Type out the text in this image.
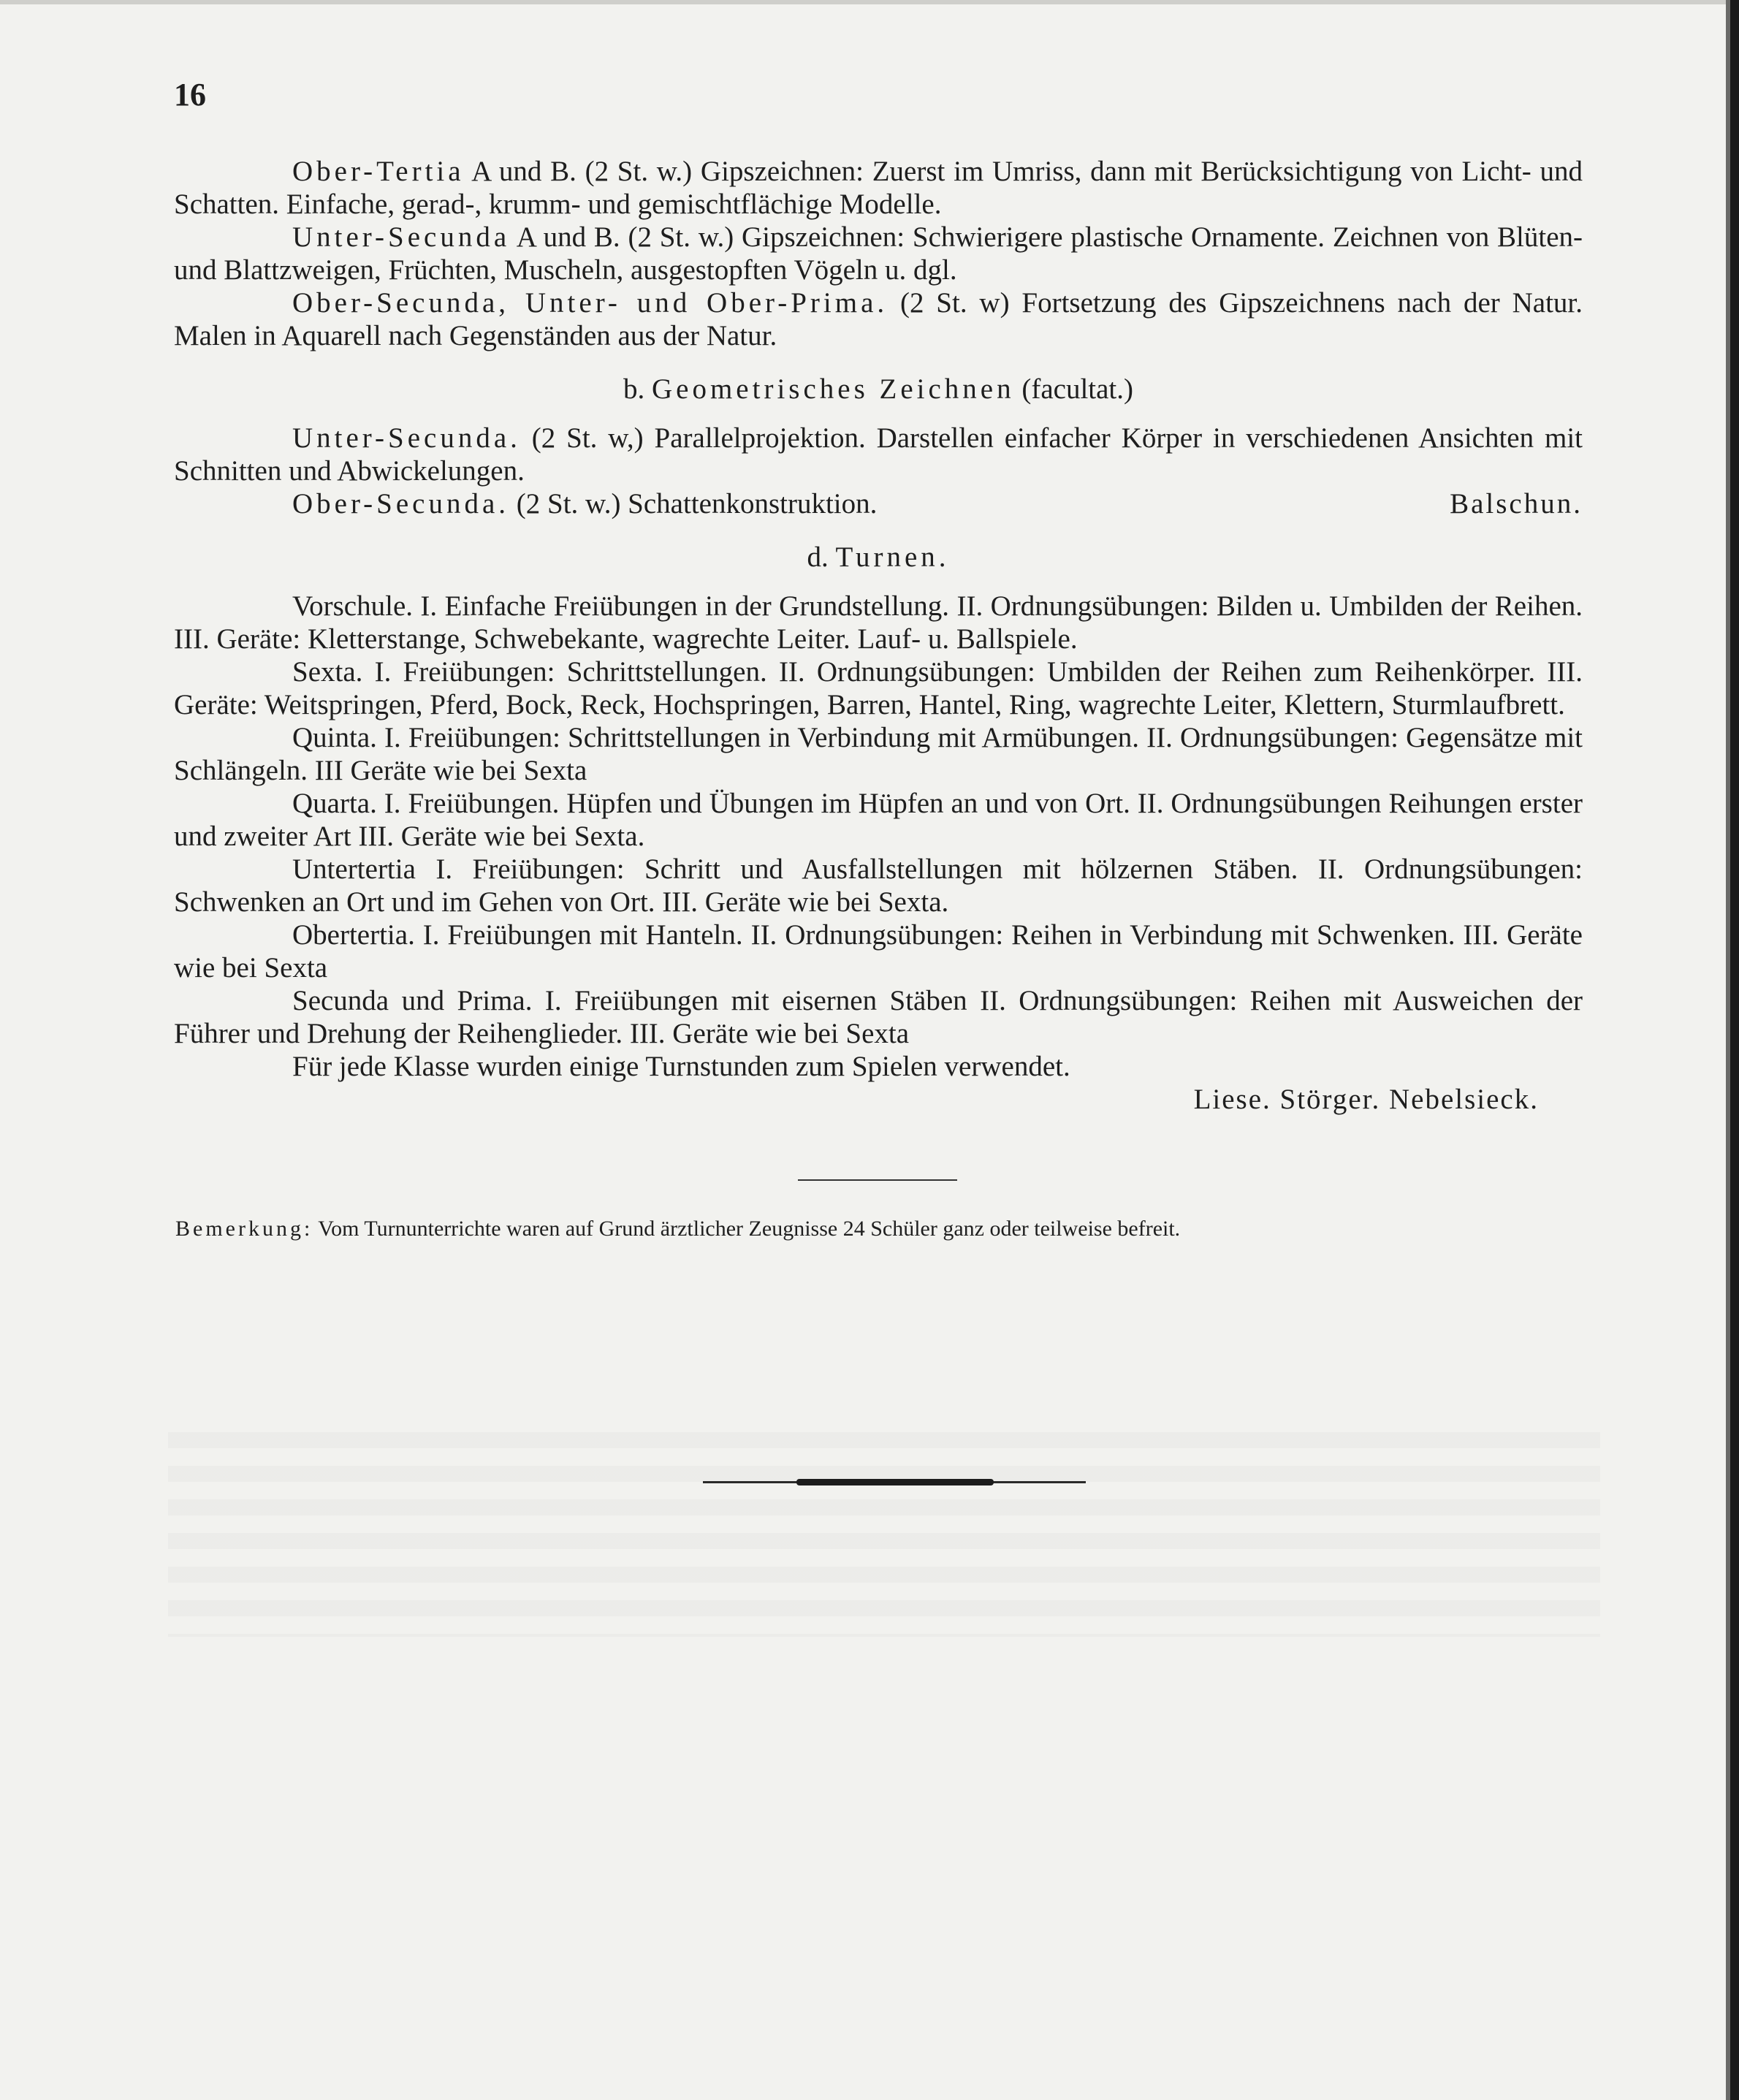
16

Ober-Tertia A und B. (2 St. w.) Gipszeichnen: Zuerst im Umriss, dann mit Berücksichtigung von Licht- und Schatten. Einfache, gerad-, krumm- und gemischtflächige Modelle.

Unter-Secunda A und B. (2 St. w.) Gipszeichnen: Schwierigere plastische Ornamente. Zeichnen von Blüten- und Blattzweigen, Früchten, Muscheln, ausgestopften Vögeln u. dgl.

Ober-Secunda, Unter- und Ober-Prima. (2 St. w) Fortsetzung des Gipszeichnens nach der Natur. Malen in Aquarell nach Gegenständen aus der Natur.

b. Geometrisches Zeichnen (facultat.)

Unter-Secunda. (2 St. w,) Parallelprojektion. Darstellen einfacher Körper in verschiedenen Ansichten mit Schnitten und Abwickelungen.

Ober-Secunda. (2 St. w.) Schattenkonstruktion.	Balschun.

d. Turnen.

Vorschule. I. Einfache Freiübungen in der Grundstellung. II. Ordnungsübungen: Bilden u. Umbilden der Reihen. III. Geräte: Kletterstange, Schwebekante, wagrechte Leiter. Lauf- u. Ballspiele.

Sexta. I. Freiübungen: Schrittstellungen. II. Ordnungsübungen: Umbilden der Reihen zum Reihenkörper. III. Geräte: Weitspringen, Pferd, Bock, Reck, Hochspringen, Barren, Hantel, Ring, wagrechte Leiter, Klettern, Sturmlaufbrett.

Quinta. I. Freiübungen: Schrittstellungen in Verbindung mit Armübungen. II. Ordnungsübungen: Gegensätze mit Schlängeln. III Geräte wie bei Sexta

Quarta. I. Freiübungen. Hüpfen und Übungen im Hüpfen an und von Ort. II. Ordnungsübungen Reihungen erster und zweiter Art III. Geräte wie bei Sexta.

Untertertia I. Freiübungen: Schritt und Ausfallstellungen mit hölzernen Stäben. II. Ordnungsübungen: Schwenken an Ort und im Gehen von Ort. III. Geräte wie bei Sexta.

Obertertia. I. Freiübungen mit Hanteln. II. Ordnungsübungen: Reihen in Verbindung mit Schwenken. III. Geräte wie bei Sexta

Secunda und Prima. I. Freiübungen mit eisernen Stäben II. Ordnungsübungen: Reihen mit Ausweichen der Führer und Drehung der Reihenglieder. III. Geräte wie bei Sexta

Für jede Klasse wurden einige Turnstunden zum Spielen verwendet.

Liese. Störger. Nebelsieck.

Bemerkung: Vom Turnunterrichte waren auf Grund ärztlicher Zeugnisse 24 Schüler ganz oder teilweise befreit.
